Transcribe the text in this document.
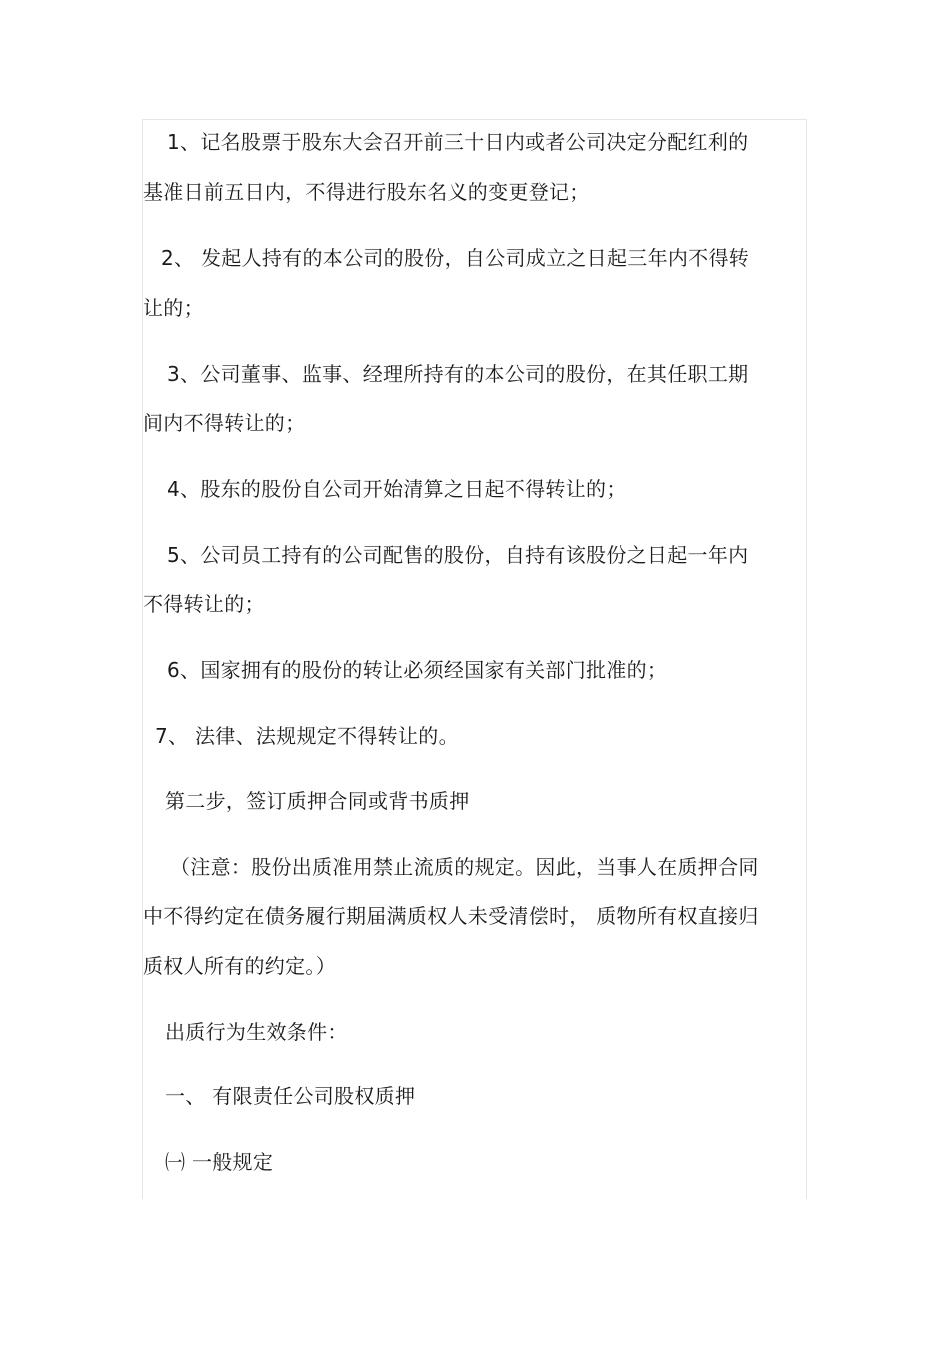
1、记名股票于股东大会召开前三十日内或者公司决定分配红利的
基准日前五日内，不得进行股东名义的变更登记；
2、 发起人持有的本公司的股份，自公司成立之日起三年内不得转
让的；
3、公司董事、监事、经理所持有的本公司的股份，在其任职工期
间内不得转让的；
4、股东的股份自公司开始清算之日起不得转让的；
5、公司员工持有的公司配售的股份，自持有该股份之日起一年内
不得转让的；
6、国家拥有的股份的转让必须经国家有关部门批准的；
7、 法律、法规规定不得转让的。
第二步，签订质押合同或背书质押
（注意：股份出质准用禁止流质的规定。因此，当事人在质押合同
中不得约定在债务履行期届满质权人未受清偿时， 质物所有权直接归
质权人所有的约定。）
出质行为生效条件：
一、 有限责任公司股权质押
㈠ 一般规定
